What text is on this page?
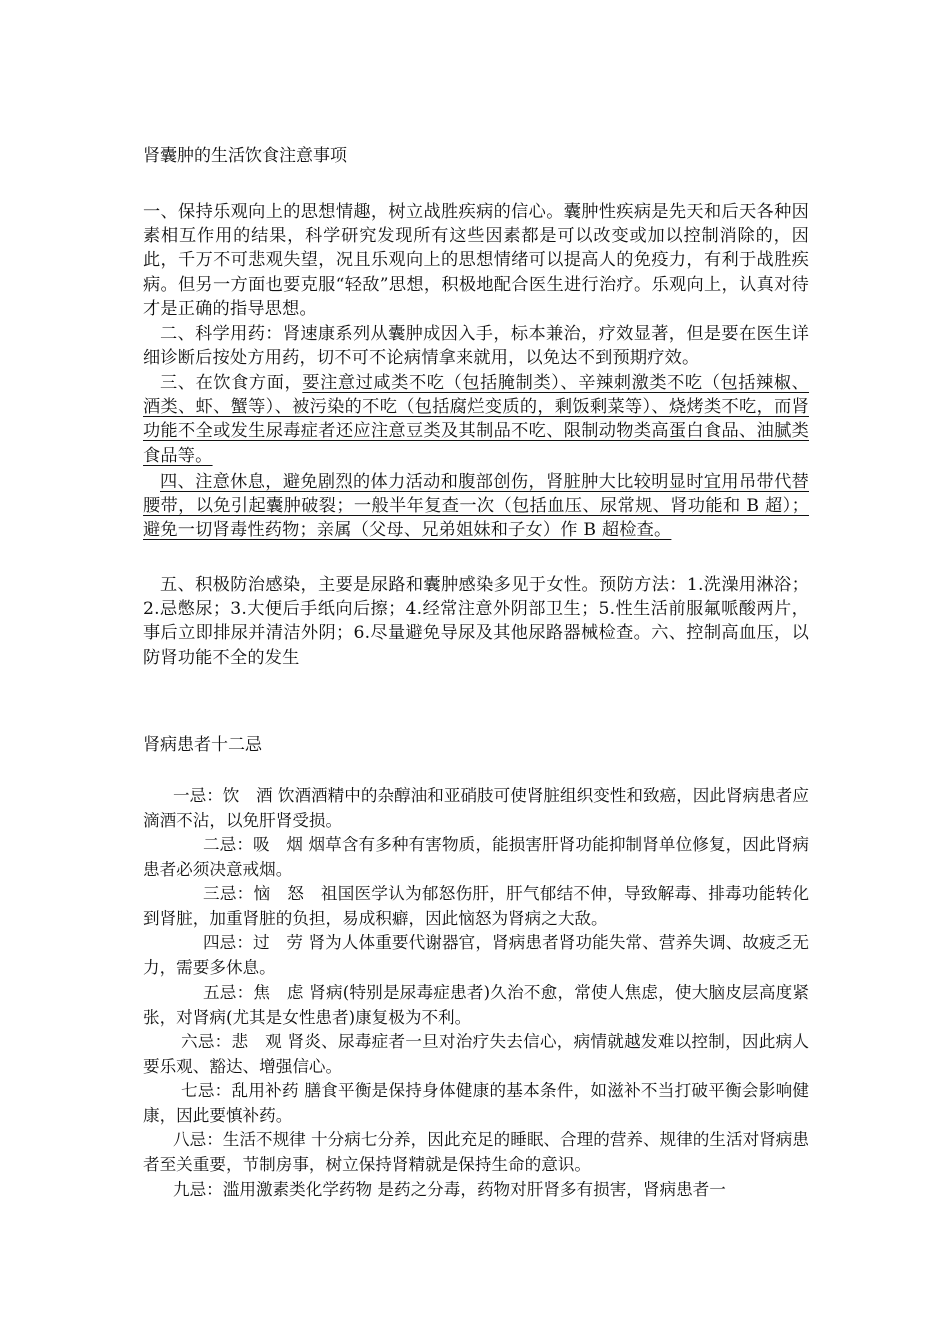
肾囊肿的生活饮食注意事项
一、保持乐观向上的思想情趣，树立战胜疾病的信心。囊肿性疾病是先天和后天各种因素相互作用的结果，科学研究发现所有这些因素都是可以改变或加以控制消除的，因此，千万不可悲观失望，况且乐观向上的思想情绪可以提高人的免疫力，有利于战胜疾病。但另一方面也要克服“轻敌”思想，积极地配合医生进行治疗。乐观向上，认真对待才是正确的指导思想。
二、科学用药：肾速康系列从囊肿成因入手，标本兼治，疗效显著，但是要在医生详细诊断后按处方用药，切不可不论病情拿来就用，以免达不到预期疗效。
三、在饮食方面，要注意过咸类不吃（包括腌制类）、辛辣刺激类不吃（包括辣椒、酒类、虾、蟹等）、被污染的不吃（包括腐烂变质的，剩饭剩菜等）、烧烤类不吃，而肾功能不全或发生尿毒症者还应注意豆类及其制品不吃、限制动物类高蛋白食品、油腻类食品等。
四、注意休息，避免剧烈的体力活动和腹部创伤，肾脏肿大比较明显时宜用吊带代替腰带，以免引起囊肿破裂；一般半年复查一次（包括血压、尿常规、肾功能和 B 超）；避免一切肾毒性药物；亲属（父母、兄弟姐妹和子女）作 B 超检查。
五、积极防治感染，主要是尿路和囊肿感染多见于女性。预防方法：1.洗澡用淋浴；2.忌憋尿；3.大便后手纸向后擦；4.经常注意外阴部卫生；5.性生活前服氟哌酸两片，事后立即排尿并清洁外阴；6.尽量避免导尿及其他尿路器械检查。六、控制高血压，以防肾功能不全的发生
肾病患者十二忌
一忌：饮　酒 饮酒酒精中的杂醇油和亚硝肢可使肾脏组织变性和致癌，因此肾病患者应滴酒不沾，以免肝肾受损。
二忌：吸　烟 烟草含有多种有害物质，能损害肝肾功能抑制肾单位修复，因此肾病患者必须决意戒烟。
三忌：恼　怒　祖国医学认为郁怒伤肝，肝气郁结不伸，导致解毒、排毒功能转化到肾脏，加重肾脏的负担，易成积癖，因此恼怒为肾病之大敌。
四忌：过　劳 肾为人体重要代谢器官，肾病患者肾功能失常、营养失调、故疲乏无力，需要多休息。
五忌：焦　虑 肾病(特别是尿毒症患者)久治不愈，常使人焦虑，使大脑皮层高度紧张，对肾病(尤其是女性患者)康复极为不利。
六忌：悲　观 肾炎、尿毒症者一旦对治疗失去信心，病情就越发难以控制，因此病人要乐观、豁达、增强信心。
七忌：乱用补药 膳食平衡是保持身体健康的基本条件，如滋补不当打破平衡会影响健康，因此要慎补药。
八忌：生活不规律 十分病七分养，因此充足的睡眠、合理的营养、规律的生活对肾病患者至关重要，节制房事，树立保持肾精就是保持生命的意识。
九忌：滥用激素类化学药物 是药之分毒，药物对肝肾多有损害，肾病患者一
